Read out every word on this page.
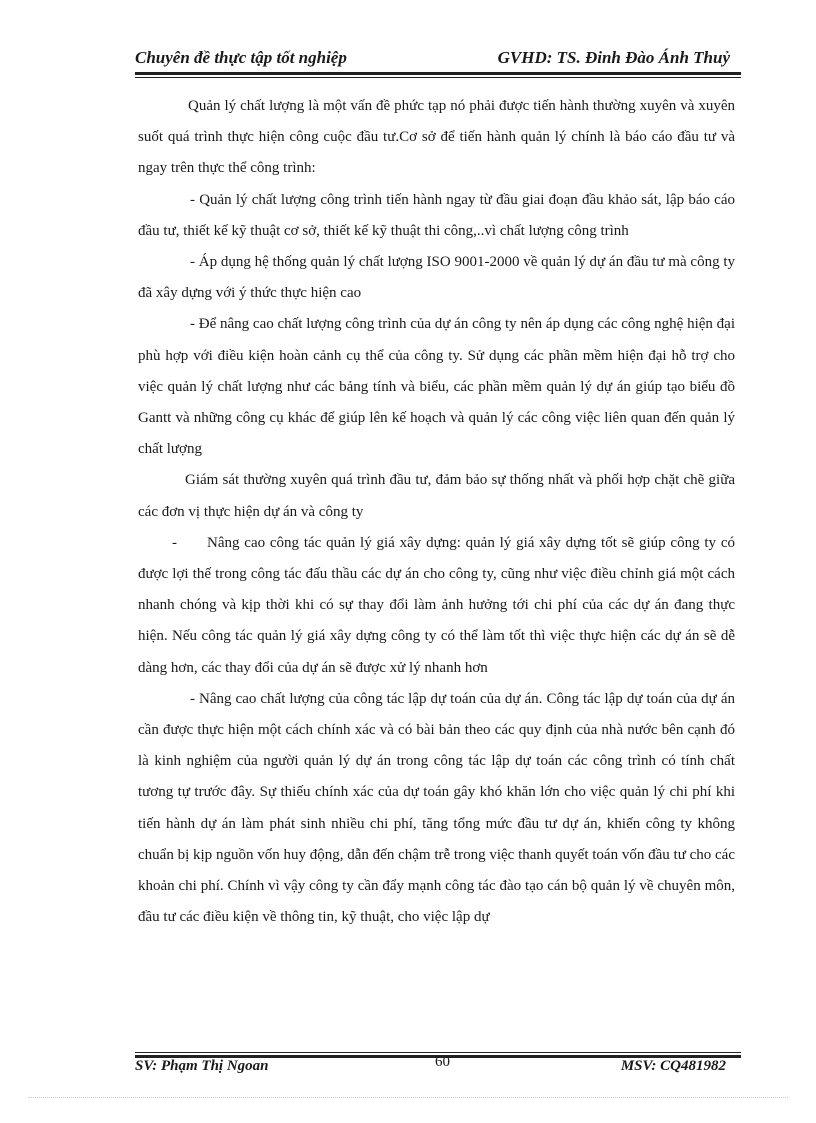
Chuyên đề thực tập tốt nghiệp	GVHD: TS. Đinh Đào Ánh Thuỷ

Quản lý chất lượng là một vấn đề phức tạp nó phải được tiến hành thường xuyên và xuyên suốt quá trình thực hiện công cuộc đầu tư.Cơ sở để tiến hành quản lý chính là báo cáo đầu tư và ngay trên thực thể công trình:

- Quản lý chất lượng công trình tiến hành ngay từ đầu giai đoạn đầu khảo sát, lập báo cáo đầu tư, thiết kế kỹ thuật cơ sở, thiết kế kỹ thuật thi công,..vì chất lượng công trình

- Áp dụng hệ thống quản lý chất lượng ISO 9001-2000 về quản lý dự án đầu tư mà công ty đã xây dựng với ý thức thực hiện cao

- Để nâng cao chất lượng công trình của dự án công ty nên áp dụng các công nghệ hiện đại phù hợp với điều kiện hoàn cảnh cụ thể của công ty. Sử dụng các phần mềm hiện đại hỗ trợ cho việc quản lý chất lượng như các bảng tính và biểu, các phần mềm quản lý dự án giúp tạo biểu đồ Gantt và những công cụ khác để giúp lên kế hoạch và quản lý các công việc liên quan đến quản lý chất lượng

Giám sát thường xuyên quá trình đầu tư, đảm bảo sự thống nhất và phối hợp chặt chẽ giữa các đơn vị thực hiện dự án và công ty

- Nâng cao công tác quản lý giá xây dựng: quản lý giá xây dựng tốt sẽ giúp công ty có được lợi thế trong công tác đấu thầu các dự án cho công ty, cũng như việc điều chỉnh giá một cách nhanh chóng và kịp thời khi có sự thay đổi làm ảnh hưởng tới chi phí của các dự án đang thực hiện. Nếu công tác quản lý giá xây dựng công ty có thể làm tốt thì việc thực hiện các dự án sẽ dễ dàng hơn, các thay đổi của dự án sẽ được xử lý nhanh hơn

- Nâng cao chất lượng của công tác lập dự toán của dự án. Công tác lập dự toán của dự án cần được thực hiện một cách chính xác và có bài bản theo các quy định của nhà nước bên cạnh đó là kinh nghiệm của người quản lý dự án trong công tác lập dự toán các công trình có tính chất tương tự trước đây. Sự thiếu chính xác của dự toán gây khó khăn lớn cho việc quản lý chi phí khi tiến hành dự án làm phát sinh nhiều chi phí, tăng tổng mức đầu tư dự án, khiến công ty không chuẩn bị kịp nguồn vốn huy động, dẫn đến chậm trễ trong việc thanh quyết toán vốn đầu tư cho các khoản chi phí. Chính vì vậy công ty cần đẩy mạnh công tác đào tạo cán bộ quản lý về chuyên môn, đầu tư các điều kiện về thông tin, kỹ thuật, cho việc lập dự

SV: Phạm Thị Ngoan	60	MSV: CQ481982
